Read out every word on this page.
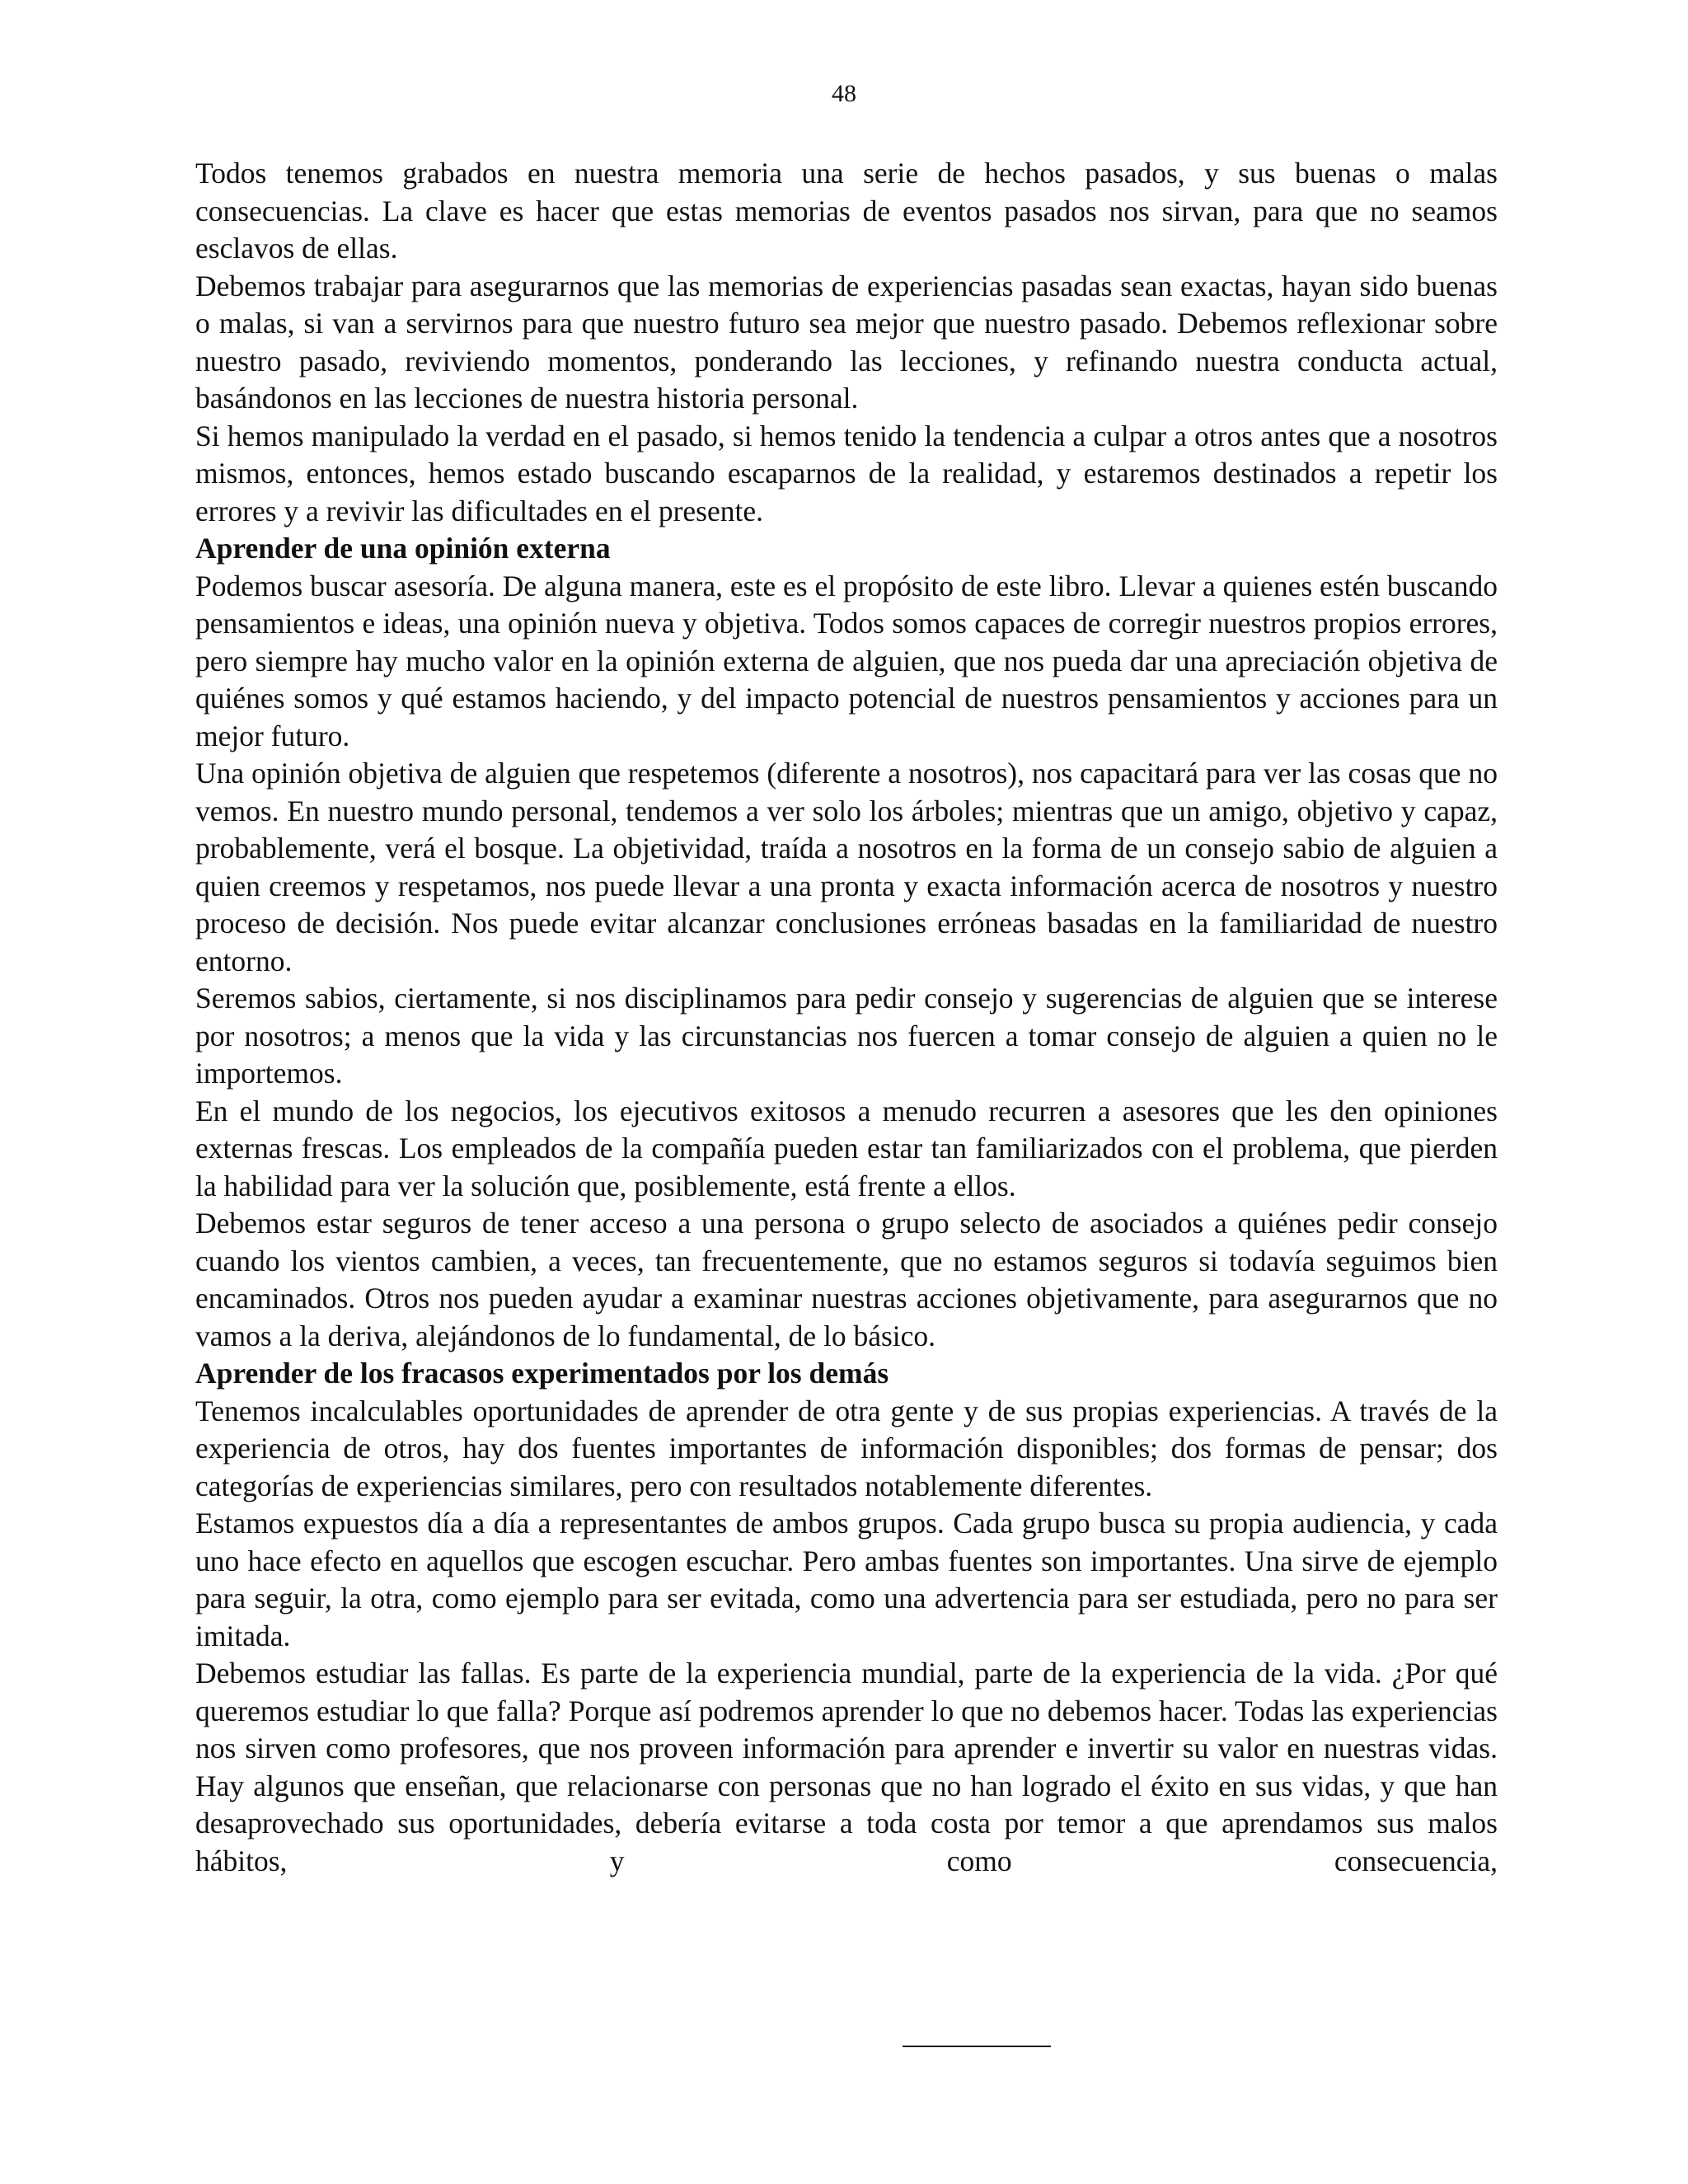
48

Todos tenemos grabados en nuestra memoria una serie de hechos pasados, y sus buenas o malas consecuencias. La clave es hacer que estas memorias de eventos pasados nos sirvan, para que no seamos esclavos de ellas.

Debemos trabajar para asegurarnos que las memorias de experiencias pasadas sean exactas, hayan sido buenas o malas, si van a servirnos para que nuestro futuro sea mejor que nuestro pasado. Debemos reflexionar sobre nuestro pasado, reviviendo momentos, ponderando las lecciones, y refinando nuestra conducta actual, basándonos en las lecciones de nuestra historia personal.

Si hemos manipulado la verdad en el pasado, si hemos tenido la tendencia a culpar a otros antes que a nosotros mismos, entonces, hemos estado buscando escaparnos de la realidad, y estaremos destinados a repetir los errores y a revivir las dificultades en el presente.

Aprender de una opinión externa

Podemos buscar asesoría. De alguna manera, este es el propósito de este libro. Llevar a quienes estén buscando pensamientos e ideas, una opinión nueva y objetiva. Todos somos capaces de corregir nuestros propios errores, pero siempre hay mucho valor en la opinión externa de alguien, que nos pueda dar una apreciación objetiva de quiénes somos y qué estamos haciendo, y del impacto potencial de nuestros pensamientos y acciones para un mejor futuro.

Una opinión objetiva de alguien que respetemos (diferente a nosotros), nos capacitará para ver las cosas que no vemos. En nuestro mundo personal, tendemos a ver solo los árboles; mientras que un amigo, objetivo y capaz, probablemente, verá el bosque. La objetividad, traída a nosotros en la forma de un consejo sabio de alguien a quien creemos y respetamos, nos puede llevar a una pronta y exacta información acerca de nosotros y nuestro proceso de decisión. Nos puede evitar alcanzar conclusiones erróneas basadas en la familiaridad de nuestro entorno.

Seremos sabios, ciertamente, si nos disciplinamos para pedir consejo y sugerencias de alguien que se interese por nosotros; a menos que la vida y las circunstancias nos fuercen a tomar consejo de alguien a quien no le importemos.

En el mundo de los negocios, los ejecutivos exitosos a menudo recurren a asesores que les den opiniones externas frescas. Los empleados de la compañía pueden estar tan familiarizados con el problema, que pierden la habilidad para ver la solución que, posiblemente, está frente a ellos.

Debemos estar seguros de tener acceso a una persona o grupo selecto de asociados a quiénes pedir consejo cuando los vientos cambien, a veces, tan frecuentemente, que no estamos seguros si todavía seguimos bien encaminados. Otros nos pueden ayudar a examinar nuestras acciones objetivamente, para asegurarnos que no vamos a la deriva, alejándonos de lo fundamental, de lo básico.

Aprender de los fracasos experimentados por los demás

Tenemos incalculables oportunidades de aprender de otra gente y de sus propias experiencias. A través de la experiencia de otros, hay dos fuentes importantes de información disponibles; dos formas de pensar; dos categorías de experiencias similares, pero con resultados notablemente diferentes.

Estamos expuestos día a día a representantes de ambos grupos. Cada grupo busca su propia audiencia, y cada uno hace efecto en aquellos que escogen escuchar. Pero ambas fuentes son importantes. Una sirve de ejemplo para seguir, la otra, como ejemplo para ser evitada, como una advertencia para ser estudiada, pero no para ser imitada.

Debemos estudiar las fallas. Es parte de la experiencia mundial, parte de la experiencia de la vida. ¿Por qué queremos estudiar lo que falla? Porque así podremos aprender lo que no debemos hacer. Todas las experiencias nos sirven como profesores, que nos proveen información para aprender e invertir su valor en nuestras vidas. Hay algunos que enseñan, que relacionarse con personas que no han logrado el éxito en sus vidas, y que han desaprovechado sus oportunidades, debería evitarse a toda costa por temor a que aprendamos sus malos hábitos, y como consecuencia,
